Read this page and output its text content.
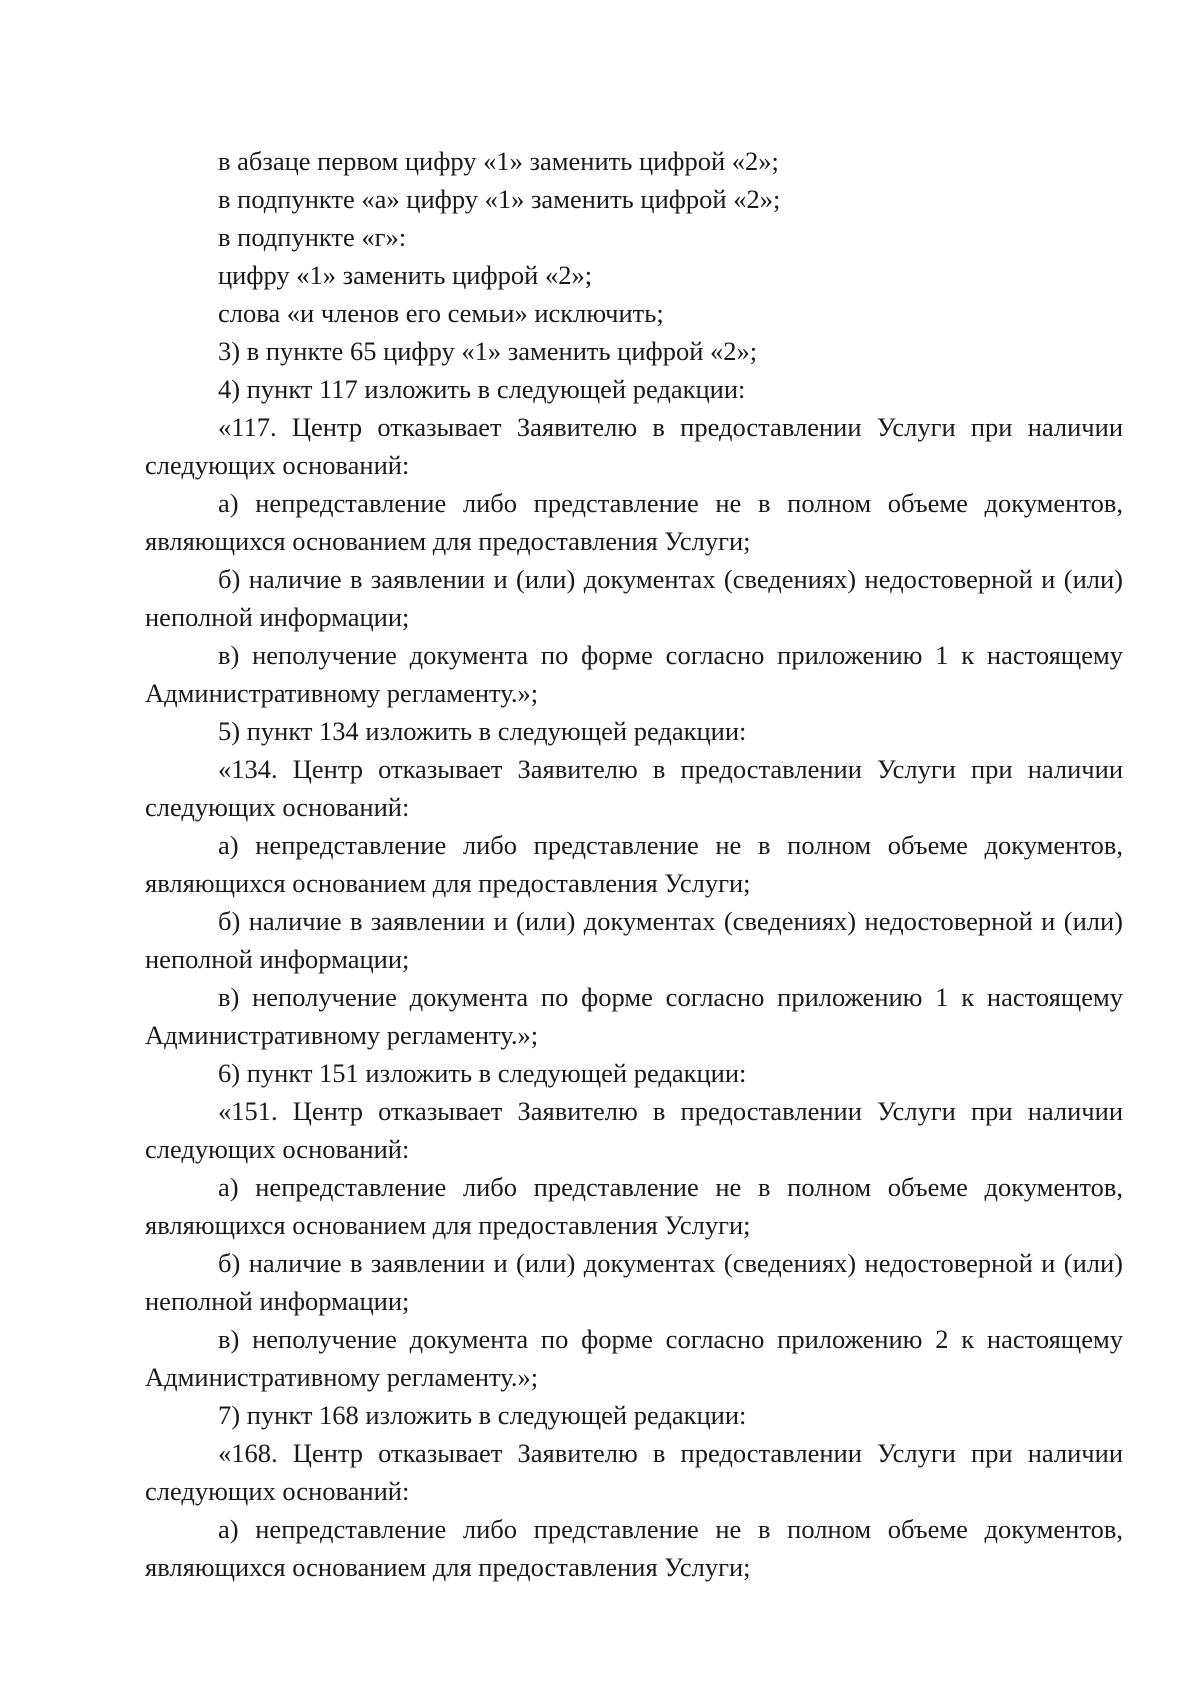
в абзаце первом цифру «1» заменить цифрой «2»;

в подпункте «а» цифру «1» заменить цифрой «2»;

в подпункте «г»:

цифру «1» заменить цифрой «2»;

слова «и членов его семьи» исключить;

3) в пункте 65 цифру «1» заменить цифрой «2»;

4) пункт 117 изложить в следующей редакции:

«117. Центр отказывает Заявителю в предоставлении Услуги при наличии следующих оснований:

а) непредставление либо представление не в полном объеме документов, являющихся основанием для предоставления Услуги;

б) наличие в заявлении и (или) документах (сведениях) недостоверной и (или) неполной информации;

в) неполучение документа по форме согласно приложению 1 к настоящему Административному регламенту.»;

5) пункт 134 изложить в следующей редакции:

«134. Центр отказывает Заявителю в предоставлении Услуги при наличии следующих оснований:

а) непредставление либо представление не в полном объеме документов, являющихся основанием для предоставления Услуги;

б) наличие в заявлении и (или) документах (сведениях) недостоверной и (или) неполной информации;

в) неполучение документа по форме согласно приложению 1 к настоящему Административному регламенту.»;

6) пункт 151 изложить в следующей редакции:

«151. Центр отказывает Заявителю в предоставлении Услуги при наличии следующих оснований:

а) непредставление либо представление не в полном объеме документов, являющихся основанием для предоставления Услуги;

б) наличие в заявлении и (или) документах (сведениях) недостоверной и (или) неполной информации;

в) неполучение документа по форме согласно приложению 2 к настоящему Административному регламенту.»;

7) пункт 168 изложить в следующей редакции:

«168. Центр отказывает Заявителю в предоставлении Услуги при наличии следующих оснований:

а) непредставление либо представление не в полном объеме документов, являющихся основанием для предоставления Услуги;
